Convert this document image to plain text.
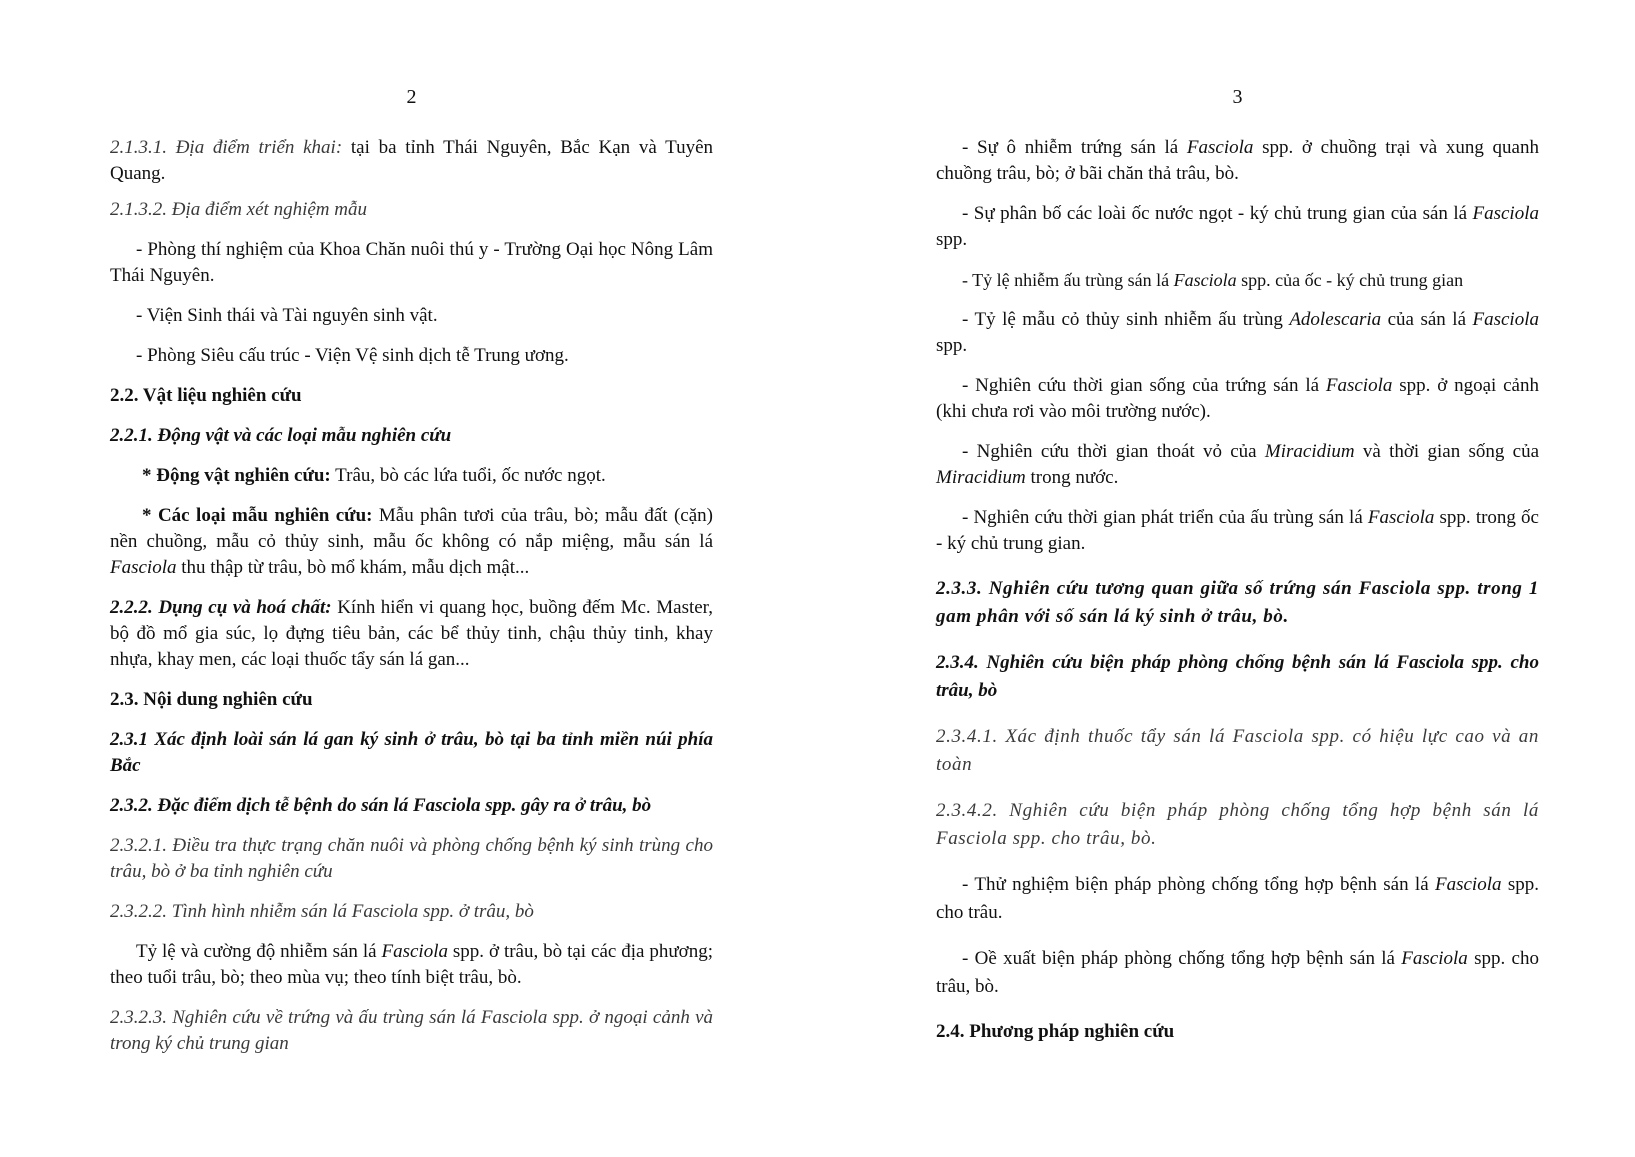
2

2.1.3.1. Địa điểm triển khai: tại ba tỉnh Thái Nguyên, Bắc Kạn và Tuyên Quang.

2.1.3.2. Địa điểm xét nghiệm mẫu

- Phòng thí nghiệm của Khoa Chăn nuôi thú y - Trường Oại học Nông Lâm Thái Nguyên.

- Viện Sinh thái và Tài nguyên sinh vật.

- Phòng Siêu cấu trúc - Viện Vệ sinh dịch tễ Trung ương.

2.2. Vật liệu nghiên cứu

2.2.1. Động vật và các loại mẫu nghiên cứu

* Động vật nghiên cứu: Trâu, bò các lứa tuổi, ốc nước ngọt.

* Các loại mẫu nghiên cứu: Mẫu phân tươi của trâu, bò; mẫu đất (cặn) nền chuồng, mẫu cỏ thủy sinh, mẫu ốc không có nắp miệng, mẫu sán lá Fasciola thu thập từ trâu, bò mổ khám, mẫu dịch mật...

2.2.2. Dụng cụ và hoá chất: Kính hiển vi quang học, buồng đếm Mc. Master, bộ đồ mổ gia súc, lọ đựng tiêu bản, các bể thủy tinh, chậu thủy tinh, khay nhựa, khay men, các loại thuốc tẩy sán lá gan...

2.3. Nội dung nghiên cứu

2.3.1 Xác định loài sán lá gan ký sinh ở trâu, bò tại ba tỉnh miền núi phía Bắc

2.3.2. Đặc điểm dịch tễ bệnh do sán lá Fasciola spp. gây ra ở trâu, bò

2.3.2.1. Điều tra thực trạng chăn nuôi và phòng chống bệnh ký sinh trùng cho trâu, bò ở ba tỉnh nghiên cứu

2.3.2.2. Tình hình nhiễm sán lá Fasciola spp. ở trâu, bò

Tỷ lệ và cường độ nhiễm sán lá Fasciola spp. ở trâu, bò tại các địa phương; theo tuổi trâu, bò; theo mùa vụ; theo tính biệt trâu, bò.

2.3.2.3. Nghiên cứu về trứng và ấu trùng sán lá Fasciola spp. ở ngoại cảnh và trong ký chủ trung gian

3

- Sự ô nhiễm trứng sán lá Fasciola spp. ở chuồng trại và xung quanh chuồng trâu, bò; ở bãi chăn thả trâu, bò.

- Sự phân bố các loài ốc nước ngọt - ký chủ trung gian của sán lá Fasciola spp.

- Tỷ lệ nhiễm ấu trùng sán lá Fasciola spp. của ốc - ký chủ trung gian

- Tỷ lệ mẫu cỏ thủy sinh nhiễm ấu trùng Adolescaria của sán lá Fasciola spp.

- Nghiên cứu thời gian sống của trứng sán lá Fasciola spp. ở ngoại cảnh (khi chưa rơi vào môi trường nước).

- Nghiên cứu thời gian thoát vỏ của Miracidium và thời gian sống của Miracidium trong nước.

- Nghiên cứu thời gian phát triển của ấu trùng sán lá Fasciola spp. trong ốc - ký chủ trung gian.

2.3.3. Nghiên cứu tương quan giữa số trứng sán Fasciola spp. trong 1 gam phân với số sán lá ký sinh ở trâu, bò.

2.3.4. Nghiên cứu biện pháp phòng chống bệnh sán lá Fasciola spp. cho trâu, bò

2.3.4.1. Xác định thuốc tẩy sán lá Fasciola spp. có hiệu lực cao và an toàn

2.3.4.2. Nghiên cứu biện pháp phòng chống tổng hợp bệnh sán lá Fasciola spp. cho trâu, bò.

- Thử nghiệm biện pháp phòng chống tổng hợp bệnh sán lá Fasciola spp. cho trâu.

- Oề xuất biện pháp phòng chống tổng hợp bệnh sán lá Fasciola spp. cho trâu, bò.

2.4. Phương pháp nghiên cứu
